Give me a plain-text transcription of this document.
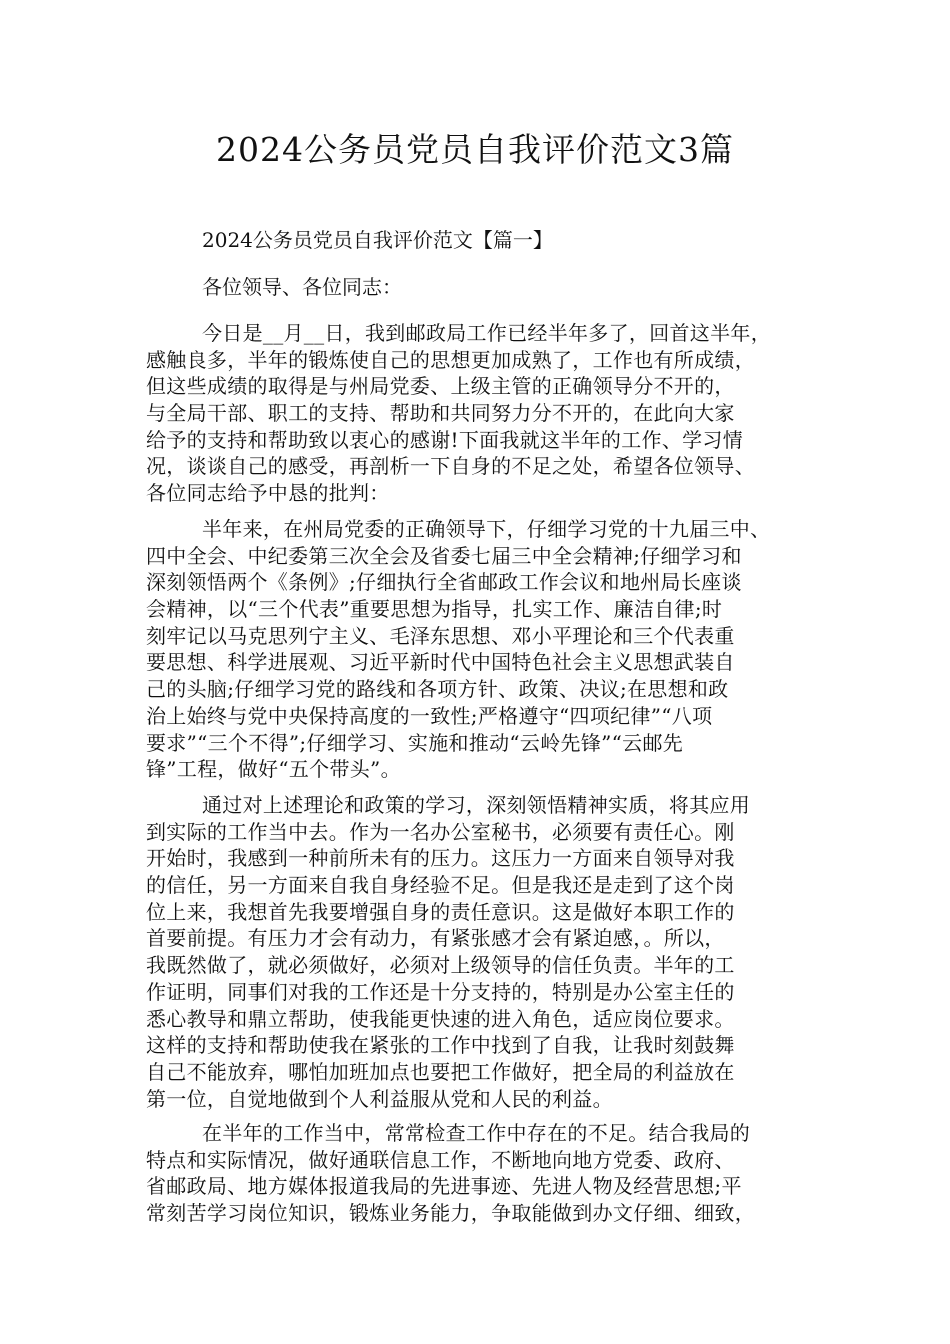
2024公务员党员自我评价范文3篇

2024公务员党员自我评价范文【篇一】

各位领导、各位同志：

今日是__月__日，我到邮政局工作已经半年多了，回首这半年，
感触良多，半年的锻炼使自己的思想更加成熟了，工作也有所成绩，
但这些成绩的取得是与州局党委、上级主管的正确领导分不开的，
与全局干部、职工的支持、帮助和共同努力分不开的，在此向大家
给予的支持和帮助致以衷心的感谢!下面我就这半年的工作、学习情
况，谈谈自己的感受，再剖析一下自身的不足之处，希望各位领导、
各位同志给予中恳的批判：
半年来，在州局党委的正确领导下，仔细学习党的十九届三中、
四中全会、中纪委第三次全会及省委七届三中全会精神;仔细学习和
深刻领悟两个《条例》;仔细执行全省邮政工作会议和地州局长座谈
会精神，以“三个代表”重要思想为指导，扎实工作、廉洁自律;时
刻牢记以马克思列宁主义、毛泽东思想、邓小平理论和三个代表重
要思想、科学进展观、习近平新时代中国特色社会主义思想武装自
己的头脑;仔细学习党的路线和各项方针、政策、决议;在思想和政
治上始终与党中央保持高度的一致性;严格遵守“四项纪律”“八项
要求”“三个不得”;仔细学习、实施和推动“云岭先锋”“云邮先
锋”工程，做好“五个带头”。
通过对上述理论和政策的学习，深刻领悟精神实质，将其应用
到实际的工作当中去。作为一名办公室秘书，必须要有责任心。刚
开始时，我感到一种前所未有的压力。这压力一方面来自领导对我
的信任，另一方面来自我自身经验不足。但是我还是走到了这个岗
位上来，我想首先我要增强自身的责任意识。这是做好本职工作的
首要前提。有压力才会有动力，有紧张感才会有紧迫感，。所以，
我既然做了，就必须做好，必须对上级领导的信任负责。半年的工
作证明，同事们对我的工作还是十分支持的，特别是办公室主任的
悉心教导和鼎立帮助，使我能更快速的进入角色，适应岗位要求。
这样的支持和帮助使我在紧张的工作中找到了自我，让我时刻鼓舞
自己不能放弃，哪怕加班加点也要把工作做好，把全局的利益放在
第一位，自觉地做到个人利益服从党和人民的利益。
在半年的工作当中，常常检查工作中存在的不足。结合我局的
特点和实际情况，做好通联信息工作，不断地向地方党委、政府、
省邮政局、地方媒体报道我局的先进事迹、先进人物及经营思想;平
常刻苦学习岗位知识，锻炼业务能力，争取能做到办文仔细、细致，
